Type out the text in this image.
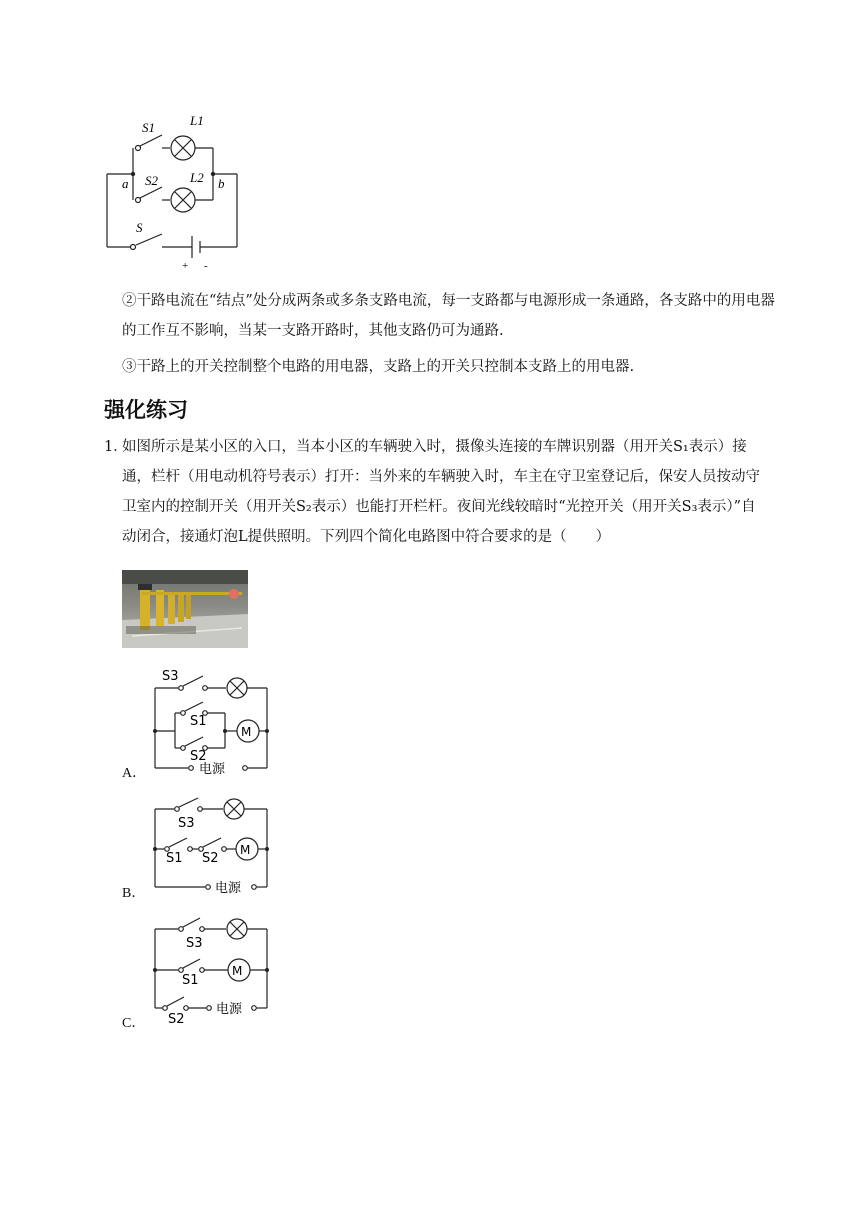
S1	L1
S2 L2
a	b
S
+ -
②干路电流在“结点”处分成两条或多条支路电流，每一支路都与电源形成一条通路，各支路中的用电器的工作互不影响，当某一支路开路时，其他支路仍可为通路.
③干路上的开关控制整个电路的用电器，支路上的开关只控制本支路上的用电器.
强化练习
1．
如图所示是某小区的入口，当本小区的车辆驶入时，摄像头连接的车牌识别器（用开关S₁表示）接通，栏杆（用电动机符号表示）打开：当外来的车辆驶入时，车主在守卫室登记后，保安人员按动守卫室内的控制开关（用开关S₂表示）也能打开栏杆。夜间光线较暗时“光控开关（用开关S₃表示）”自动闭合，接通灯泡L提供照明。下列四个简化电路图中符合要求的是（　　）
A．
S3
S1
S2
M
电源
B．
S3
S1 S2
M
电源
C．
S3
S1
S2
M
电源
